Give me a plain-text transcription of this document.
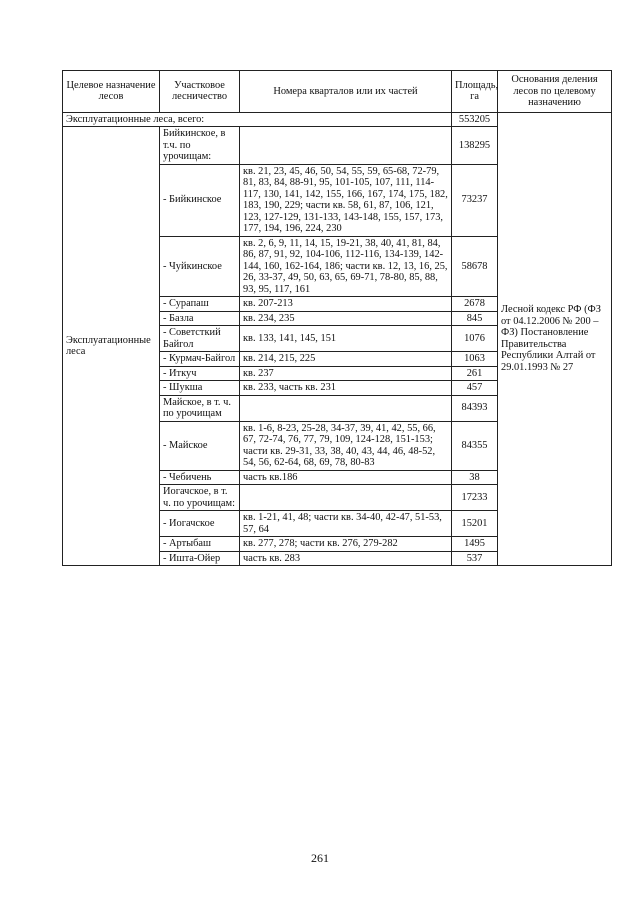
Целевое назначение лесов	Участковое лесничество	Номера кварталов или их частей	Площадь, га	Основания деления лесов по целевому назначению
Эксплуатационные леса, всего:			553205	Лесной кодекс РФ (ФЗ от 04.12.2006 № 200 – ФЗ) Постановление Правительства Республики Алтай от 29.01.1993 № 27
Эксплуатационные леса	Бийкинское, в т.ч. по урочищам:		138295	
	- Бийкинское	кв. 21, 23, 45, 46, 50, 54, 55, 59, 65-68, 72-79, 81, 83, 84, 88-91, 95, 101-105, 107, 111, 114-117, 130, 141, 142, 155, 166, 167, 174, 175, 182, 183, 190, 229; части кв. 58, 61, 87, 106, 121, 123, 127-129, 131-133, 143-148, 155, 157, 173, 177, 194, 196, 224, 230	73237	
	- Чуйкинское	кв. 2, 6, 9, 11, 14, 15, 19-21, 38, 40, 41, 81, 84, 86, 87, 91, 92, 104-106, 112-116, 134-139, 142-144, 160, 162-164, 186; части кв. 12, 13, 16, 25, 26, 33-37, 49, 50, 63, 65, 69-71, 78-80, 85, 88, 93, 95, 117, 161	58678	
	- Сурапаш	кв. 207-213	2678	
	- Базла	кв. 234, 235	845	
	- Советсткий Байгол	кв. 133, 141, 145, 151	1076	
	- Курмач-Байгол	кв. 214, 215, 225	1063	
	- Иткуч	кв. 237	261	
	- Шукша	кв. 233, часть кв. 231	457	
	Майское, в т. ч. по урочищам		84393	
	- Майское	кв. 1-6, 8-23, 25-28, 34-37, 39, 41, 42, 55, 66, 67, 72-74, 76, 77, 79, 109, 124-128, 151-153; части кв. 29-31, 33, 38, 40, 43, 44, 46, 48-52, 54, 56, 62-64, 68, 69, 78, 80-83	84355	
	- Чебичень	часть кв.186	38	
	Иогачское, в т. ч. по урочищам:		17233	
	- Иогачское	кв. 1-21, 41, 48; части кв. 34-40, 42-47, 51-53, 57, 64	15201	
	- Артыбаш	кв. 277, 278; части кв. 276, 279-282	1495	
	- Ишта-Ойер	часть кв. 283	537	
261
